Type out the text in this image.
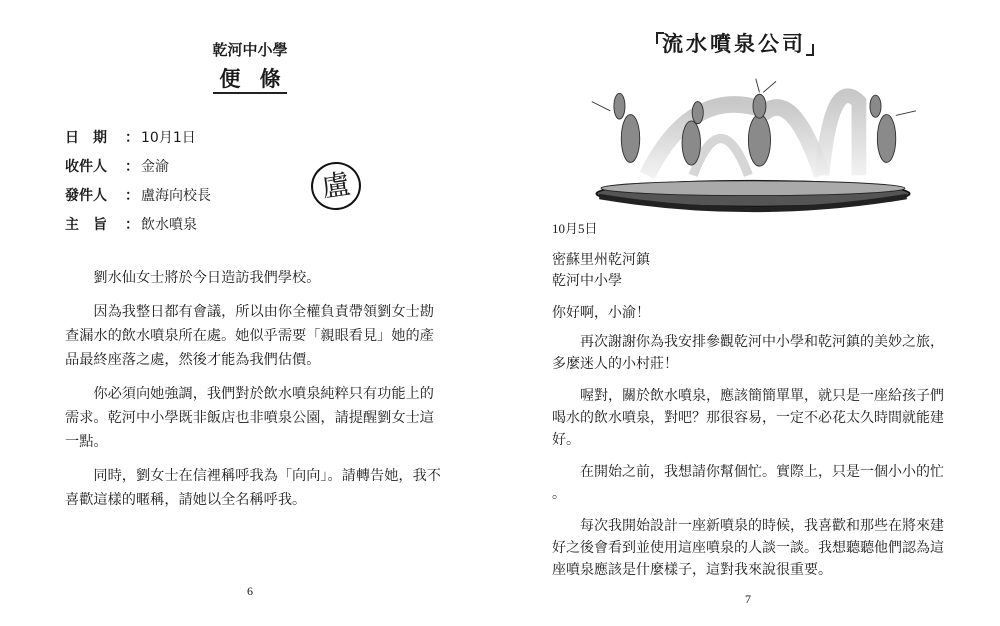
乾河中小學
便 條
日　期	： 10月1日
收件人	： 金渝
發件人	： 盧海向校長
主　旨	： 飲水噴泉
盧

劉水仙女士將於今日造訪我們學校。

因為我整日都有會議，所以由你全權負責帶領劉女士勘查漏水的飲水噴泉所在處。她似乎需要「親眼看見」她的產品最終座落之處，然後才能為我們估價。

你必須向她強調，我們對於飲水噴泉純粹只有功能上的需求。乾河中小學既非飯店也非噴泉公園，請提醒劉女士這一點。

同時，劉女士在信裡稱呼我為「向向」。請轉告她，我不喜歡這樣的暱稱，請她以全名稱呼我。

6
流水噴泉公司
10月5日
密蘇里州乾河鎮
乾河中小學
你好啊，小渝！

再次謝謝你為我安排參觀乾河中小學和乾河鎮的美妙之旅，多麼迷人的小村莊！

喔對，關於飲水噴泉，應該簡簡單單，就只是一座給孩子們喝水的飲水噴泉，對吧？那很容易，一定不必花太久時間就能建好。

在開始之前，我想請你幫個忙。實際上，只是一個小小的忙。

每次我開始設計一座新噴泉的時候，我喜歡和那些在將來建好之後會看到並使用這座噴泉的人談一談。我想聽聽他們認為這座噴泉應該是什麼樣子，這對我來說很重要。

7
